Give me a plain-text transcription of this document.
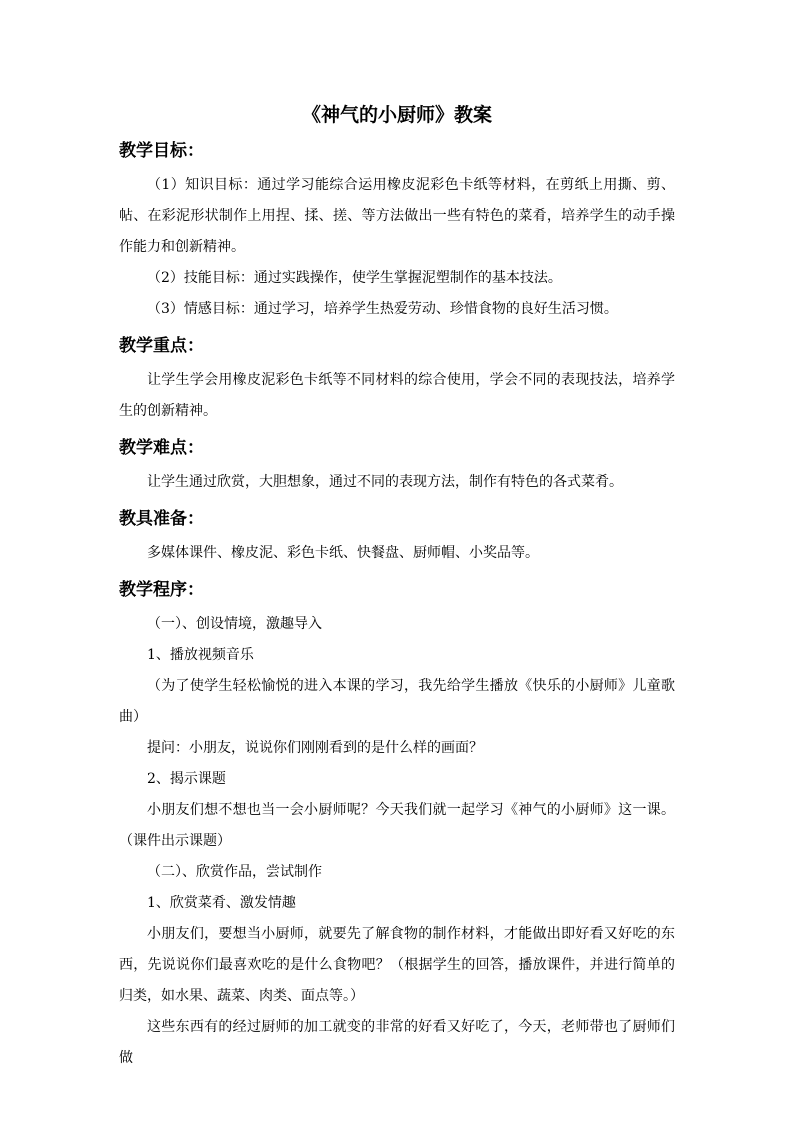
《神气的小厨师》教案
教学目标：

（1）知识目标：通过学习能综合运用橡皮泥彩色卡纸等材料，在剪纸上用撕、剪、帖、在彩泥形状制作上用捏、揉、搓、等方法做出一些有特色的菜肴，培养学生的动手操作能力和创新精神。

（2）技能目标：通过实践操作，使学生掌握泥塑制作的基本技法。

（3）情感目标：通过学习，培养学生热爱劳动、珍惜食物的良好生活习惯。

教学重点：

让学生学会用橡皮泥彩色卡纸等不同材料的综合使用，学会不同的表现技法，培养学生的创新精神。

教学难点：

让学生通过欣赏，大胆想象，通过不同的表现方法，制作有特色的各式菜肴。

教具准备：

多媒体课件、橡皮泥、彩色卡纸、快餐盘、厨师帽、小奖品等。

教学程序：

（一）、创设情境，激趣导入

1、播放视频音乐

（为了使学生轻松愉悦的进入本课的学习，我先给学生播放《快乐的小厨师》儿童歌曲）

提问：小朋友，说说你们刚刚看到的是什么样的画面？

2、揭示课题

小朋友们想不想也当一会小厨师呢？今天我们就一起学习《神气的小厨师》这一课。（课件出示课题）

（二）、欣赏作品，尝试制作

1、欣赏菜肴、激发情趣

小朋友们，要想当小厨师，就要先了解食物的制作材料，才能做出即好看又好吃的东西，先说说你们最喜欢吃的是什么食物吧？（根据学生的回答，播放课件，并进行简单的归类，如水果、蔬菜、肉类、面点等。）

这些东西有的经过厨师的加工就变的非常的好看又好吃了，今天，老师带也了厨师们做
